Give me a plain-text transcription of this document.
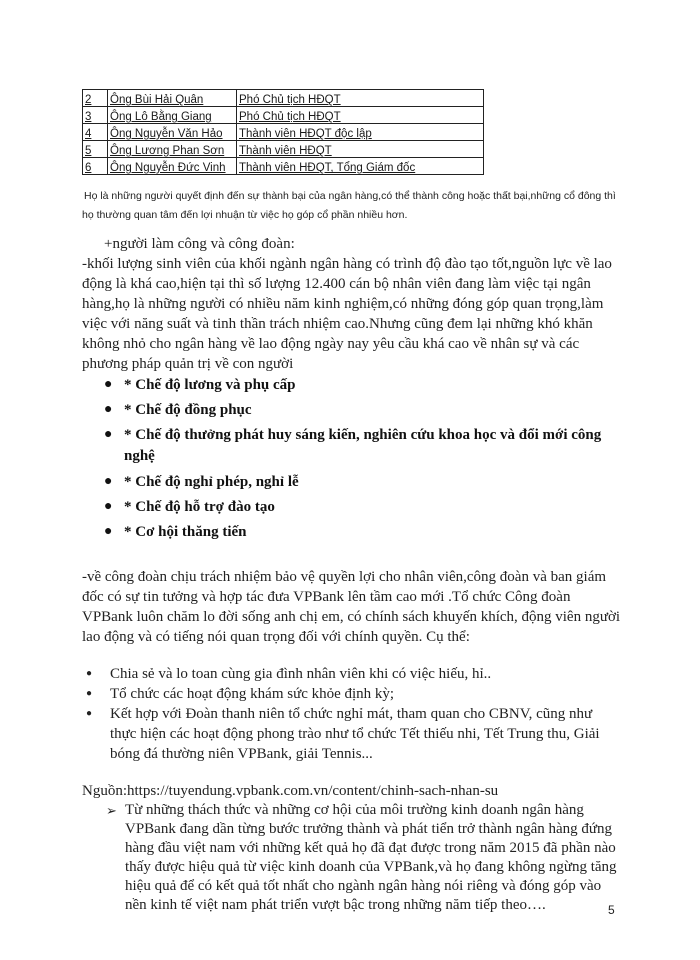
2	Ông Bùi Hải Quân	Phó Chủ tịch HĐQT
3	Ông Lô Bằng Giang	Phó Chủ tịch HĐQT
4	Ông Nguyễn Văn Hảo	Thành viên HĐQT độc lập
5	Ông Lương Phan Sơn	Thành viên HĐQT
6	Ông Nguyễn Đức Vinh	Thành viên HĐQT, Tổng Giám đốc
Họ là những người quyết định đến sự thành bại của ngân hàng,có thể thành công hoặc thất bại,những cổ đông thì
họ thường quan tâm đến lợi nhuận từ việc họ góp cổ phần nhiều hơn.
+người làm công và công đoàn:
-khối lượng sinh viên của khối ngành ngân hàng có trình độ đào tạo tốt,nguồn lực về lao
động là khá cao,hiện tại thì số lượng 12.400 cán bộ nhân viên đang làm việc tại ngân
hàng,họ là những người có nhiều năm kinh nghiệm,có những đóng góp quan trọng,làm
việc với năng suất và tinh thần trách nhiệm cao.Nhưng cũng đem lại những khó khăn
không nhỏ cho ngân hàng về lao động ngày nay yêu cầu khá cao về nhân sự và các
phương pháp quản trị về con người
● * Chế độ lương và phụ cấp
● * Chế độ đồng phục
● * Chế độ thưởng phát huy sáng kiến, nghiên cứu khoa học và đổi mới công
nghệ
● * Chế độ nghỉ phép, nghỉ lễ
● * Chế độ hỗ trợ đào tạo
● * Cơ hội thăng tiến
-về công đoàn chịu trách nhiệm bảo vệ quyền lợi cho nhân viên,công đoàn và ban giám
đốc có sự tin tưởng và hợp tác đưa VPBank lên tầm cao mới .Tổ chức Công đoàn
VPBank luôn chăm lo đời sống anh chị em, có chính sách khuyến khích, động viên người
lao động và có tiếng nói quan trọng đối với chính quyền. Cụ thể:
● Chia sẻ và lo toan cùng gia đình nhân viên khi có việc hiếu, hỉ..
● Tổ chức các hoạt động khám sức khỏe định kỳ;
● Kết hợp với Đoàn thanh niên tổ chức nghỉ mát, tham quan cho CBNV, cũng như
thực hiện các hoạt động phong trào như tổ chức Tết thiếu nhi, Tết Trung thu, Giải
bóng đá thường niên VPBank, giải Tennis...
Nguồn:https://tuyendung.vpbank.com.vn/content/chinh-sach-nhan-su
➢ Từ những thách thức và những cơ hội của môi trường kinh doanh ngân hàng
VPBank đang dần từng bước trưởng thành và phát tiển trở thành ngân hàng đứng
hàng đầu việt nam với những kết quả họ đã đạt được trong năm 2015 đã phần nào
thấy được hiệu quả từ việc kinh doanh của VPBank,và họ đang không ngừng tăng
hiệu quả để có kết quả tốt nhất cho ngành ngân hàng nói riêng và đóng góp vào
nền kinh tế việt nam phát triển vượt bậc trong những năm tiếp theo….	5
